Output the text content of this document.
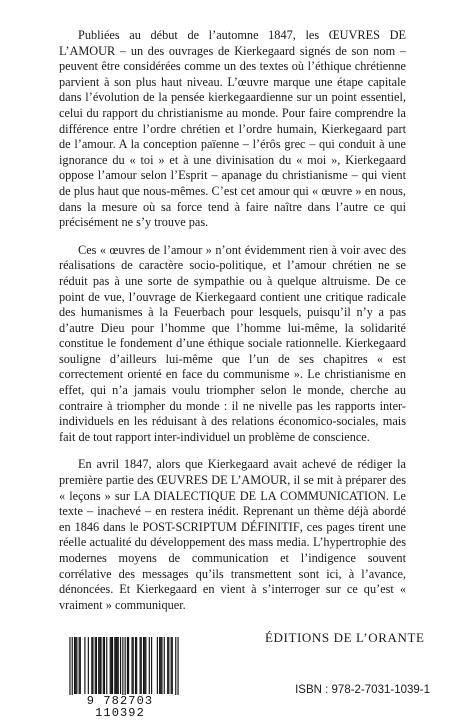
Publiées au début de l’automne 1847, les ŒUVRES DE L’AMOUR – un des ouvrages de Kierkegaard signés de son nom – peuvent être considérées comme un des textes où l’éthique chrétienne parvient à son plus haut niveau. L’œuvre marque une étape capitale dans l’évolution de la pensée kierkegaardienne sur un point essentiel, celui du rapport du christianisme au monde. Pour faire comprendre la différence entre l’ordre chrétien et l’ordre humain, Kierkegaard part de l’amour. A la conception païenne – l’érôs grec – qui conduit à une ignorance du « toi » et à une divinisation du « moi », Kierkegaard oppose l’amour selon l’Esprit – apanage du christianisme – qui vient de plus haut que nous-mêmes. C’est cet amour qui « œuvre » en nous, dans la mesure où sa force tend à faire naître dans l’autre ce qui précisément ne s’y trouve pas.

Ces « œuvres de l’amour » n’ont évidemment rien à voir avec des réalisations de caractère socio-politique, et l’amour chrétien ne se réduit pas à une sorte de sympathie ou à quelque altruisme. De ce point de vue, l’ouvrage de Kierkegaard contient une critique radicale des humanismes à la Feuerbach pour lesquels, puisqu’il n’y a pas d’autre Dieu pour l’homme que l’homme lui-même, la solidarité constitue le fondement d’une éthique sociale rationnelle. Kierkegaard souligne d’ailleurs lui-même que l’un de ses chapitres « est correctement orienté en face du communisme ». Le christianisme en effet, qui n’a jamais voulu triompher selon le monde, cherche au contraire à triompher du monde : il ne nivelle pas les rapports inter-individuels en les réduisant à des relations économico-sociales, mais fait de tout rapport inter-individuel un problème de conscience.

En avril 1847, alors que Kierkegaard avait achevé de rédiger la première partie des ŒUVRES DE L’AMOUR, il se mit à préparer des « leçons » sur LA DIALECTIQUE DE LA COMMUNICATION. Le texte – inachevé – en restera inédit. Reprenant un thème déjà abordé en 1846 dans le POST-SCRIPTUM DÉFINITIF, ces pages tirent une réelle actualité du développement des mass media. L’hypertrophie des modernes moyens de communication et l’indigence souvent corrélative des messages qu’ils transmettent sont ici, à l’avance, dénoncées. Et Kierkegaard en vient à s’interroger sur ce qu’est « vraiment » communiquer.

9 782703 110392
ÉDITIONS DE L’ORANTE
ISBN : 978-2-7031-1039-1
